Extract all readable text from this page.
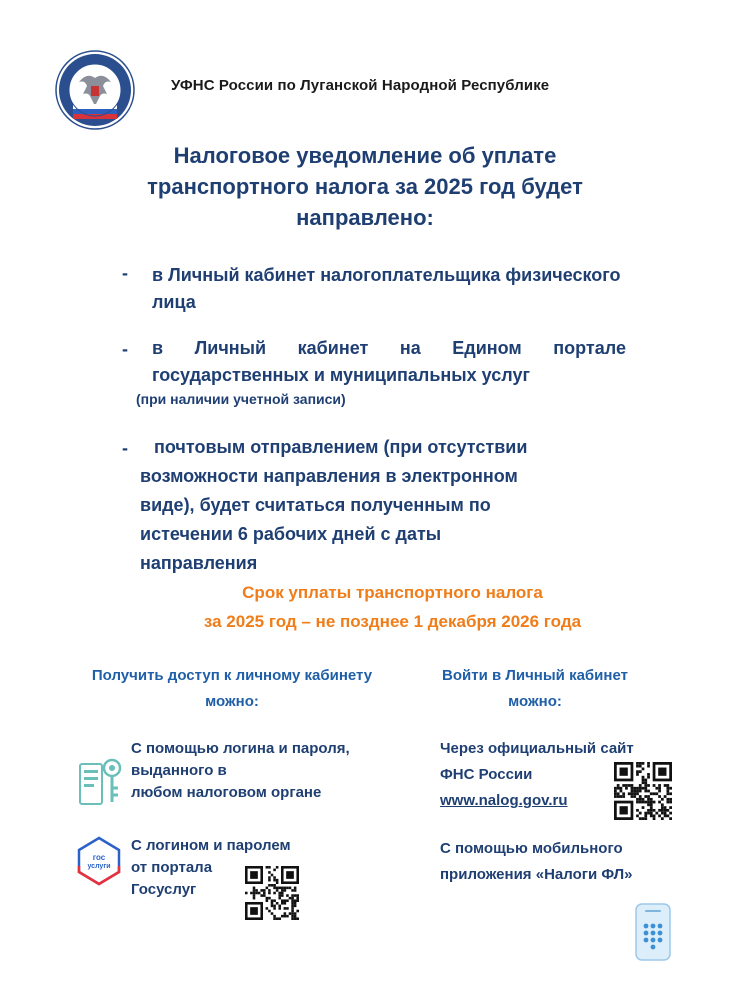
УФНС России по Луганской Народной Республике
Налоговое уведомление об уплате
транспортного налога за 2025 год будет
направлено:
- в Личный кабинет налогоплательщика физического
лица
- в Личный кабинет на Едином портале
государственных и муниципальных услуг
(при наличии учетной записи)
-	почтовым отправлением (при отсутствии
возможности направления в электронном
виде), будет считаться полученным по
истечении 6 рабочих дней с даты
направления
Срок уплаты транспортного налога
за 2025 год – не позднее 1 декабря 2026 года
Получить доступ к личному кабинету
можно:
С помощью логина и пароля,
выданного в
любом налоговом органе
гос
услуги
С логином и паролем
от портала
Госуслуг
Войти в Личный кабинет
можно:
Через официальный сайт
ФНС России
www.nalog.gov.ru
С помощью мобильного
приложения «Налоги ФЛ»
